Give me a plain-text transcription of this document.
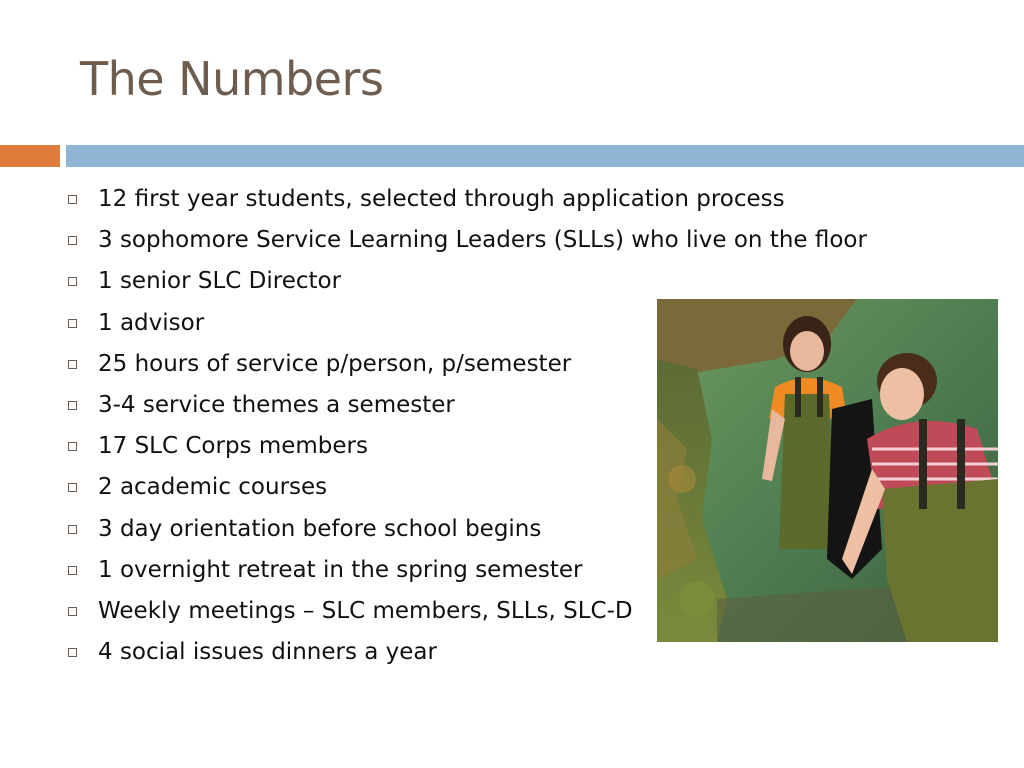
The Numbers
12 first year students, selected through application process
3 sophomore Service Learning Leaders (SLLs) who live on the floor
1 senior SLC Director
1 advisor
25 hours of service p/person, p/semester
3-4 service themes a semester
17 SLC Corps members
2 academic courses
3 day orientation before school begins
1 overnight retreat in the spring semester
Weekly meetings – SLC members, SLLs, SLC-D
4 social issues dinners a year
